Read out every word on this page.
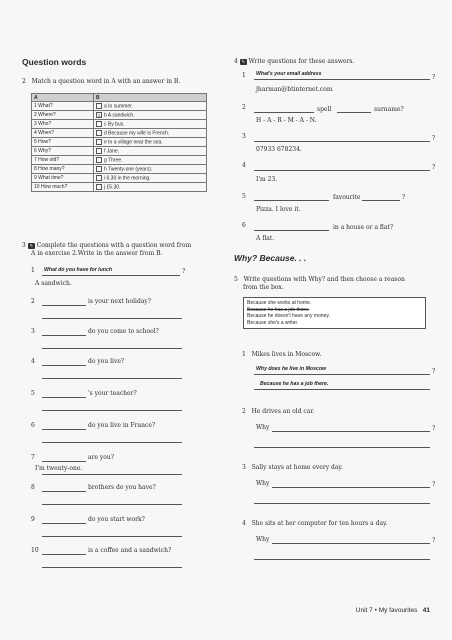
Question words
2 Match a question word in A with an answer in B.
A	B
1 What?	a In summer.
2 Where?	1 b A sandwich.
3 Who?	c By bus.
4 When?	d Because my wife is French.
5 How?	e In a village near the sea.
6 Why?	f Jane.
7 How old?	g Three.
8 How many?	h Twenty-one (years).
9 What time?	i 6.30 in the morning.
10 How much?	j £5.30.
3 ✎ Complete the questions with a question word from
A in exercise 2.Write in the answer from B.
1 What do you have for lunch	?
A sandwich.
2	is your next holiday?
3	do you come to school?
4	do you live?
5	's your teacher?
6	do you live in France?
7	are you?
I'm twenty-one.
8	brothers do you have?
9	do you start work?
10	is a coffee and a sandwich?
4 ✎ Write questions for these answers.
1 What's your email address	?
jharman@btinternet.com
2	spell	surname?
H - A - R - M - A - N.
3	?
07933 678234.
4	?
I'm 23.
5	favourite	?
Pizza. I love it.
6	in a house or a flat?
A flat.
Why? Because. . .
5 Write questions with Why? and then choose a reason
from the box.
Because she works at home.
Because he has a job there.
Because he doesn't have any money.
Because she's a writer.
1 Mikes lives in Moscow.
Why does he live in Moscow	?
Because he has a job there.
2 He drives an old car.
Why	?
3 Sally stays at home every day.
Why	?
4 She sits at her computer for ten hours a day.
Why	?
Unit 7 • My favourites 41
